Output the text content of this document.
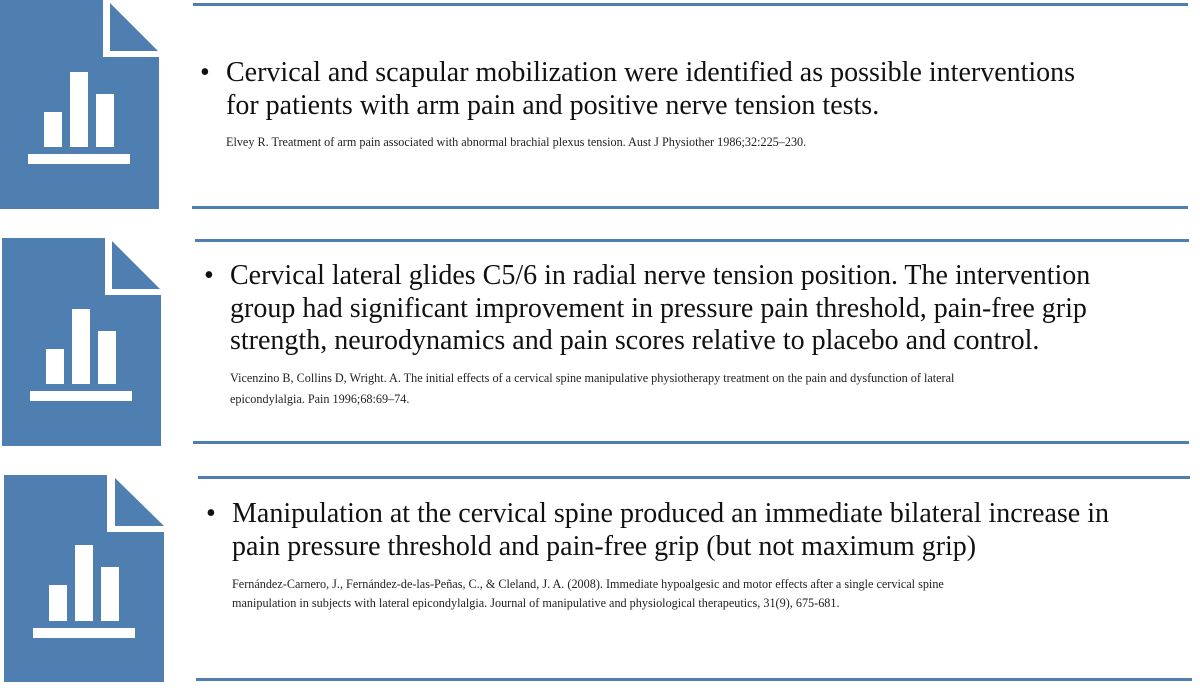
• Cervical and scapular mobilization were identified as possible interventions
for patients with arm pain and positive nerve tension tests.
Elvey R. Treatment of arm pain associated with abnormal brachial plexus tension. Aust J Physiother 1986;32:225–230.
• Cervical lateral glides C5/6 in radial nerve tension position. The intervention
group had significant improvement in pressure pain threshold, pain-free grip
strength, neurodynamics and pain scores relative to placebo and control.
Vicenzino B, Collins D, Wright. A. The initial effects of a cervical spine manipulative physiotherapy treatment on the pain and dysfunction of lateral
epicondylalgia. Pain 1996;68:69–74.
• Manipulation at the cervical spine produced an immediate bilateral increase in
pain pressure threshold and pain-free grip (but not maximum grip)
Fernández-Carnero, J., Fernández-de-las-Peñas, C., & Cleland, J. A. (2008). Immediate hypoalgesic and motor effects after a single cervical spine
manipulation in subjects with lateral epicondylalgia. Journal of manipulative and physiological therapeutics, 31(9), 675-681.
